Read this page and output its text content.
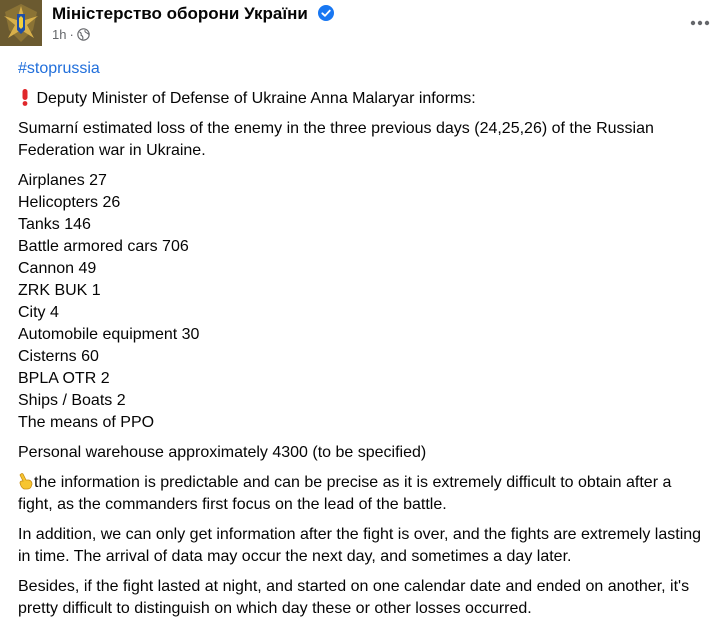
Міністерство оборони України
1h ·

#stoprussia

Deputy Minister of Defense of Ukraine Anna Malaryar informs:

Sumarní estimated loss of the enemy in the three previous days (24,25,26) of the Russian Federation war in Ukraine.

Airplanes 27
Helicopters 26
Tanks 146
Battle armored cars 706
Cannon 49
ZRK BUK 1
City 4
Automobile equipment 30
Cisterns 60
BPLA OTR 2
Ships / Boats 2
The means of PPO

Personal warehouse approximately 4300 (to be specified)

the information is predictable and can be precise as it is extremely difficult to obtain after a fight, as the commanders first focus on the lead of the battle.

In addition, we can only get information after the fight is over, and the fights are extremely lasting in time. The arrival of data may occur the next day, and sometimes a day later.

Besides, if the fight lasted at night, and started on one calendar date and ended on another, it's pretty difficult to distinguish on which day these or other losses occurred.
